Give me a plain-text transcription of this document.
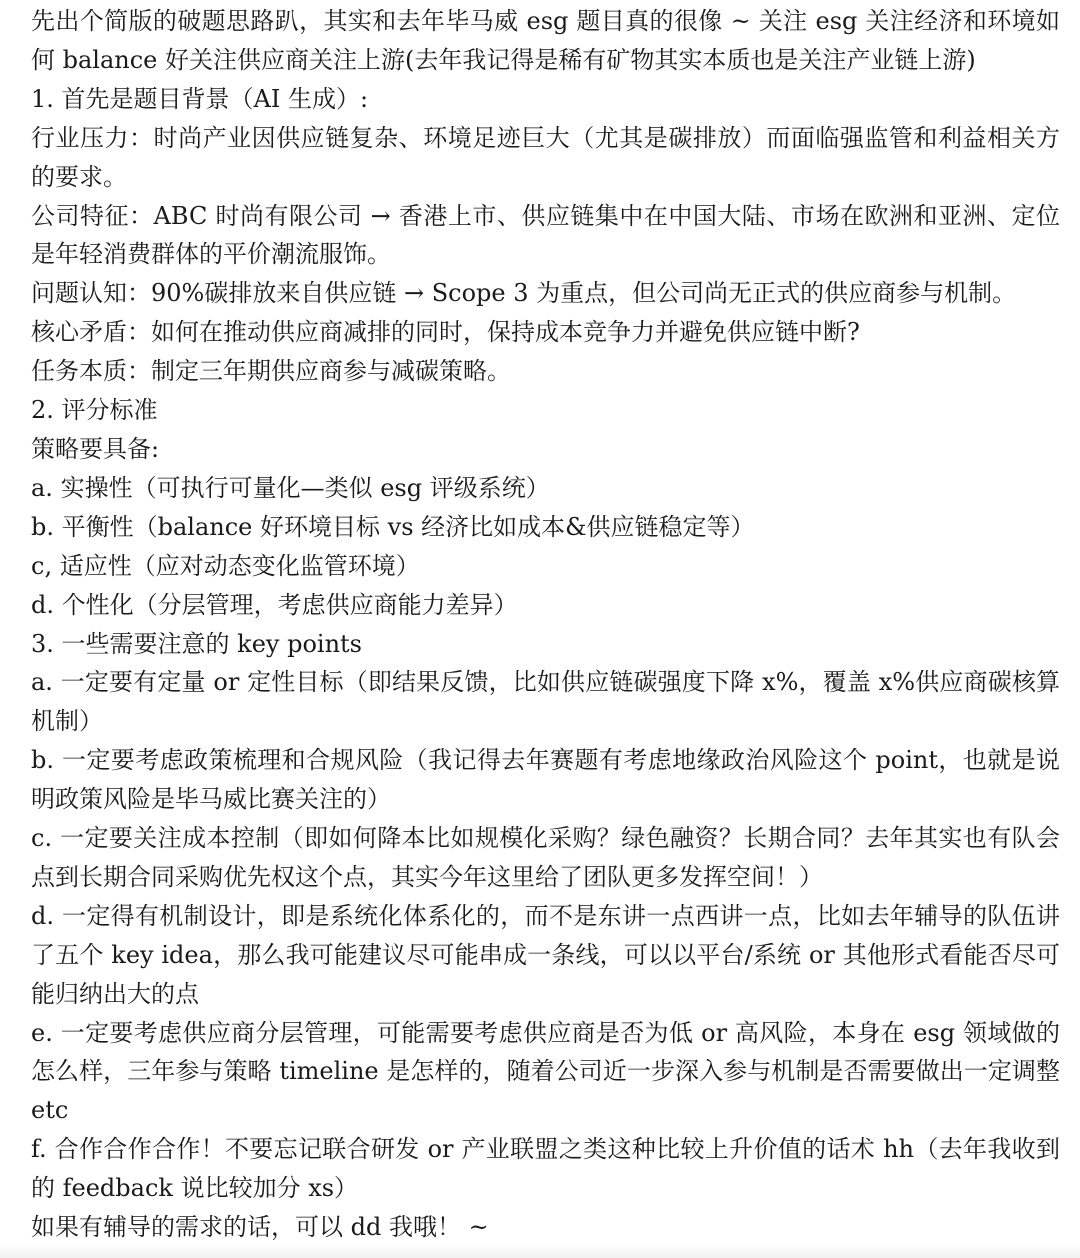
先出个简版的破题思路趴，其实和去年毕马威 esg 题目真的很像 ~ 关注 esg 关注经济和环境如何 balance 好关注供应商关注上游(去年我记得是稀有矿物其实本质也是关注产业链上游)

1. 首先是题目背景（AI 生成）:

行业压力：时尚产业因供应链复杂、环境足迹巨大（尤其是碳排放）而面临强监管和利益相关方的要求。

公司特征：ABC 时尚有限公司 → 香港上市、供应链集中在中国大陆、市场在欧洲和亚洲、定位是年轻消费群体的平价潮流服饰。

问题认知：90%碳排放来自供应链 → Scope 3 为重点，但公司尚无正式的供应商参与机制。

核心矛盾：如何在推动供应商减排的同时，保持成本竞争力并避免供应链中断?

任务本质：制定三年期供应商参与减碳策略。

2. 评分标准

策略要具备:

a. 实操性（可执行可量化—类似 esg 评级系统）

b. 平衡性（balance 好环境目标 vs 经济比如成本&供应链稳定等）

c, 适应性（应对动态变化监管环境）

d. 个性化（分层管理，考虑供应商能力差异）

3. 一些需要注意的 key points

a. 一定要有定量 or 定性目标（即结果反馈，比如供应链碳强度下降 x%，覆盖 x%供应商碳核算机制）

b. 一定要考虑政策梳理和合规风险（我记得去年赛题有考虑地缘政治风险这个 point，也就是说明政策风险是毕马威比赛关注的）

c. 一定要关注成本控制（即如何降本比如规模化采购？绿色融资？长期合同？去年其实也有队会点到长期合同采购优先权这个点，其实今年这里给了团队更多发挥空间！）

d. 一定得有机制设计，即是系统化体系化的，而不是东讲一点西讲一点，比如去年辅导的队伍讲了五个 key idea，那么我可能建议尽可能串成一条线，可以以平台/系统 or 其他形式看能否尽可能归纳出大的点

e. 一定要考虑供应商分层管理，可能需要考虑供应商是否为低 or 高风险，本身在 esg 领域做的怎么样，三年参与策略 timeline 是怎样的，随着公司近一步深入参与机制是否需要做出一定调整 etc

f. 合作合作合作！不要忘记联合研发 or 产业联盟之类这种比较上升价值的话术 hh（去年我收到的 feedback 说比较加分 xs）

如果有辅导的需求的话，可以 dd 我哦！ ~
